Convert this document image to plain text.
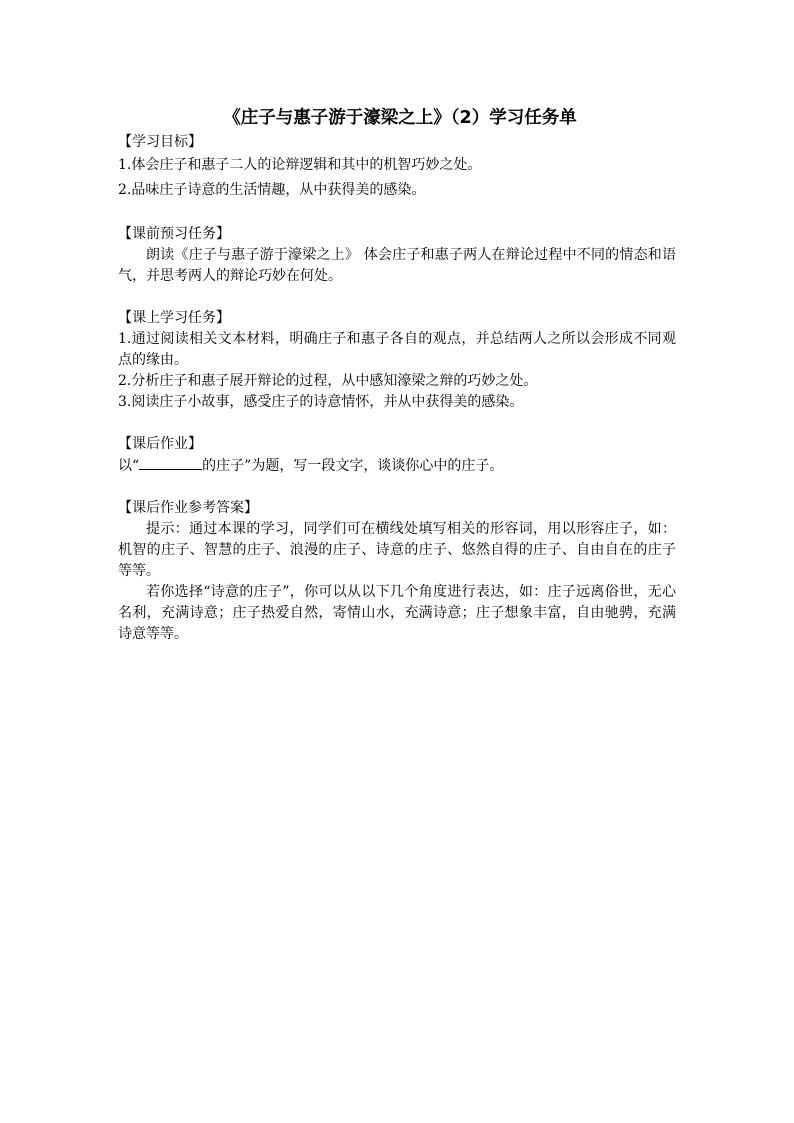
《庄子与惠子游于濠梁之上》（2）学习任务单

【学习目标】

1.体会庄子和惠子二人的论辩逻辑和其中的机智巧妙之处。

2.品味庄子诗意的生活情趣，从中获得美的感染。

【课前预习任务】

朗读《庄子与惠子游于濠梁之上》 体会庄子和惠子两人在辩论过程中不同的情态和语气，并思考两人的辩论巧妙在何处。

【课上学习任务】

1.通过阅读相关文本材料，明确庄子和惠子各自的观点，并总结两人之所以会形成不同观点的缘由。

2.分析庄子和惠子展开辩论的过程，从中感知濠梁之辩的巧妙之处。

3.阅读庄子小故事，感受庄子的诗意情怀，并从中获得美的感染。

【课后作业】

以“	的庄子”为题，写一段文字，谈谈你心中的庄子。

【课后作业参考答案】

提示：通过本课的学习，同学们可在横线处填写相关的形容词，用以形容庄子，如：机智的庄子、智慧的庄子、浪漫的庄子、诗意的庄子、悠然自得的庄子、自由自在的庄子等等。

若你选择“诗意的庄子”，你可以从以下几个角度进行表达，如：庄子远离俗世，无心名利，充满诗意；庄子热爱自然，寄情山水，充满诗意；庄子想象丰富，自由驰骋，充满诗意等等。
